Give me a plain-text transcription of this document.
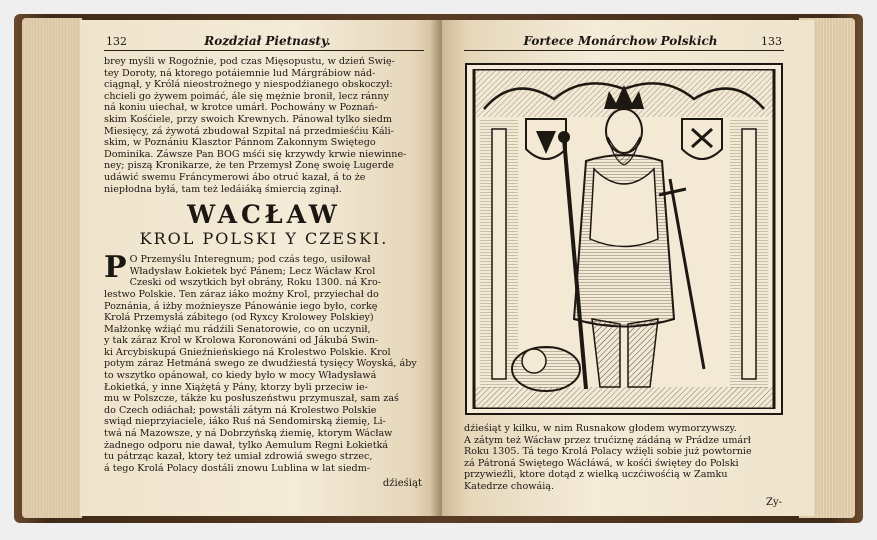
132	Rozdział Pietnasty.
brey myśli w Rogoźnie, pod czas Mięsopustu, w dzień Swię-
tey Doroty, ná ktorego potáiemnie lud Márgrábiow nád-
ciągnął, y Królá nieostrożnego y niespodźianego obskoczył:
chcieli go żywem poimáć, ále się mężnie bronił, lecz ránny
ná koniu uiechał, w krotce umárł. Pochowány w Poznań-
skim Kośćiele, przy swoich Krewnych. Pánował tylko siedm
Miesięcy, zá żywotá zbudował Szpital ná przedmieśćiu Káli-
skim, w Poznániu Klasztor Pánnom Zakonnym Swiętego
Dominika. Záwsze Pan BOG mśći się krzywdy krwie niewinne-
ney; piszą Kronikarze, że ten Przemysł Żonę swoię Lugerde
udáwić swemu Fráncymerowi ábo otruć kazał, á to że
niepłodna byłá, tam też ledáiáką śmiercią zginął.
WACŁAW
KROL POLSKI Y CZESKI.
P O Przemyślu Interegnum; pod czás tego, usiłował
Władysław Łokietek być Pánem; Lecz Wácław Krol
Czeski od wszytkich był obrány, Roku 1300. ná Kro-
lestwo Polskie. Ten záraz iáko możny Krol, przyiechał do
Poznánia, á iżby możnieysze Pánowánie iego było, corkę
Krolá Przemysłá zábitego (od Ryxcy Krolowey Polskiey)
Małżonkę wźiąć mu rádźili Senatorowie, co on uczynił,
y tak záraz Krol w Krolowa Koronowáni od Jákubá Swin-
ki Arcybiskupá Gnieźnieńskiego ná Krolestwo Polskie. Krol
potym záraz Hetmáná swego ze dwudźiestá tysięcy Woyská, áby
to wszytko opánował, co kiedy było w mocy Władysławá
Łokietká, y inne Xiążętá y Pány, ktorzy byli przeciw ie-
mu w Polszcze, tákże ku posłuszeństwu przymuszał, sam zaś
do Czech odiáchał; powstáli zátym ná Krolestwo Polskie
swiąd nieprzyiaciele, iáko Ruś ná Sendomirską źiemię, Li-
twá ná Mazowsze, y ná Dobrzyńską źiemię, ktorym Wácław
żadnego odporu nie dawał, tylko Aemulum Regni Łokietká
tu pátrząc kazał, ktory też umiał zdrowiá swego strzec,
á tego Krolá Polacy dostáli znowu Lublina w lat siedm-
dźieśiąt
Fortece Monárchow Polskich	133
dźieśiąt y kilku, w nim Rusnakow głodem wymorzywszy.
A zátym też Wácław przez trućiznę zádáną w Prádze umárł
Roku 1305. Tá tego Krolá Polacy wźięli sobie już powtornie
zá Pátroná Swiętego Wácłáwá, w kośći świętey do Polski
przywieźli, ktore dotąd z wielką uczćiwośćią w Zamku
Katedrze chowáią.
Zy-
